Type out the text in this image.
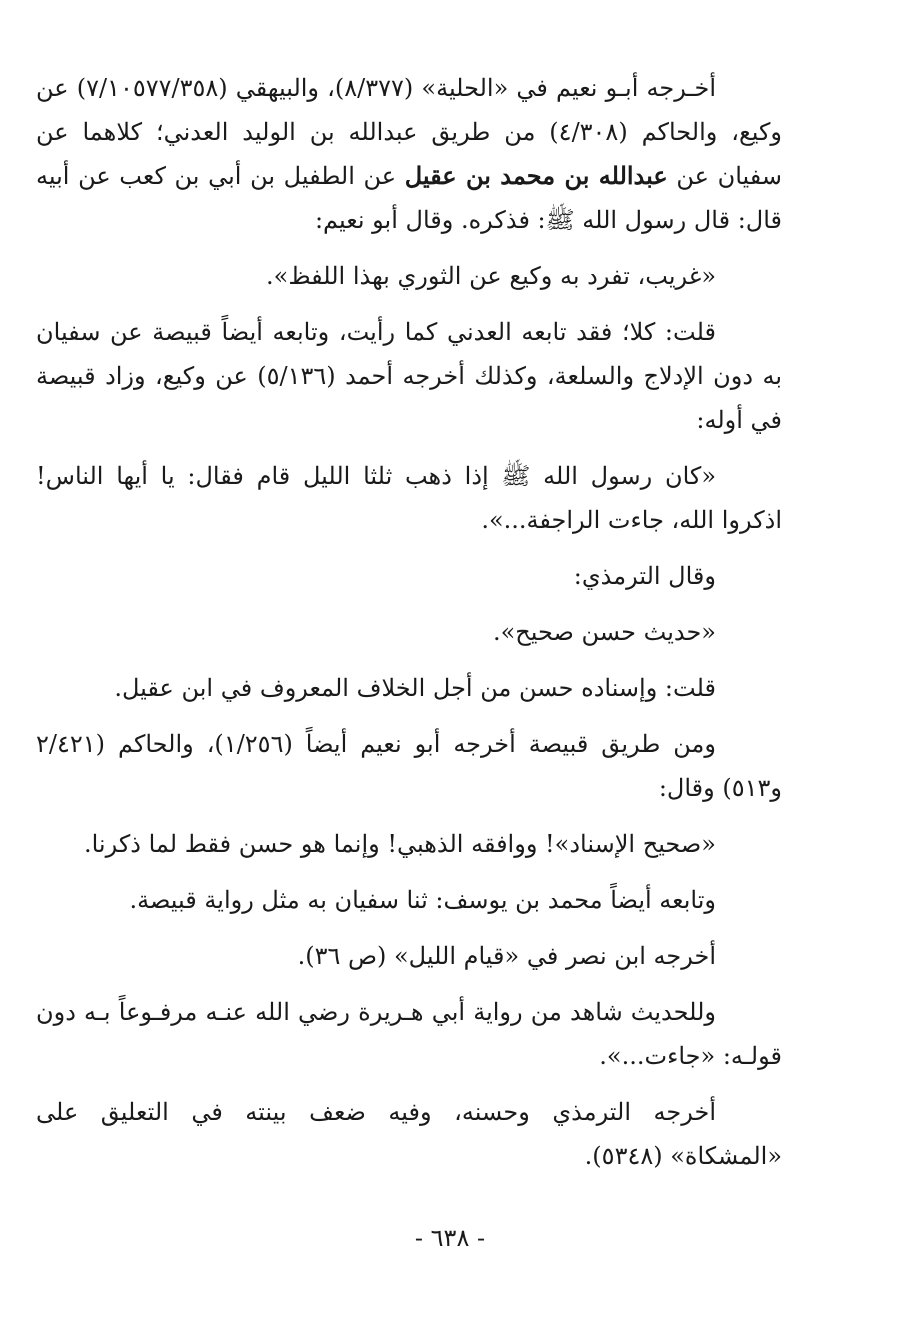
أخـرجه أبـو نعيم في «الحلية» (٨/٣٧٧)، والبيهقي (٧/١٠٥٧٧/٣٥٨) عن وكيع، والحاكم (٤/٣٠٨) من طريق عبدالله بن الوليد العدني؛ كلاهما عن سفيان عن عبدالله بن محمد بن عقيل عن الطفيل بن أبي بن كعب عن أبيه قال: قال رسول الله ﷺ: فذكره. وقال أبو نعيم:

«غريب، تفرد به وكيع عن الثوري بهذا اللفظ».

قلت: كلا؛ فقد تابعه العدني كما رأيت، وتابعه أيضاً قبيصة عن سفيان به دون الإدلاج والسلعة، وكذلك أخرجه أحمد (٥/١٣٦) عن وكيع، وزاد قبيصة في أوله:

«كان رسول الله ﷺ إذا ذهب ثلثا الليل قام فقال: يا أيها الناس! اذكروا الله، جاءت الراجفة...».

وقال الترمذي:

«حديث حسن صحيح».

قلت: وإسناده حسن من أجل الخلاف المعروف في ابن عقيل.

ومن طريق قبيصة أخرجه أبو نعيم أيضاً (١/٢٥٦)، والحاكم (٢/٤٢١ و٥١٣) وقال:

«صحيح الإسناد»! ووافقه الذهبي! وإنما هو حسن فقط لما ذكرنا.

وتابعه أيضاً محمد بن يوسف: ثنا سفيان به مثل رواية قبيصة.

أخرجه ابن نصر في «قيام الليل» (ص ٣٦).

وللحديث شاهد من رواية أبي هـريرة رضي الله عنـه مرفـوعاً بـه دون قولـه: «جاءت...».

أخرجه الترمذي وحسنه، وفيه ضعف بينته في التعليق على «المشكاة» (٥٣٤٨).

- ٦٣٨ -
